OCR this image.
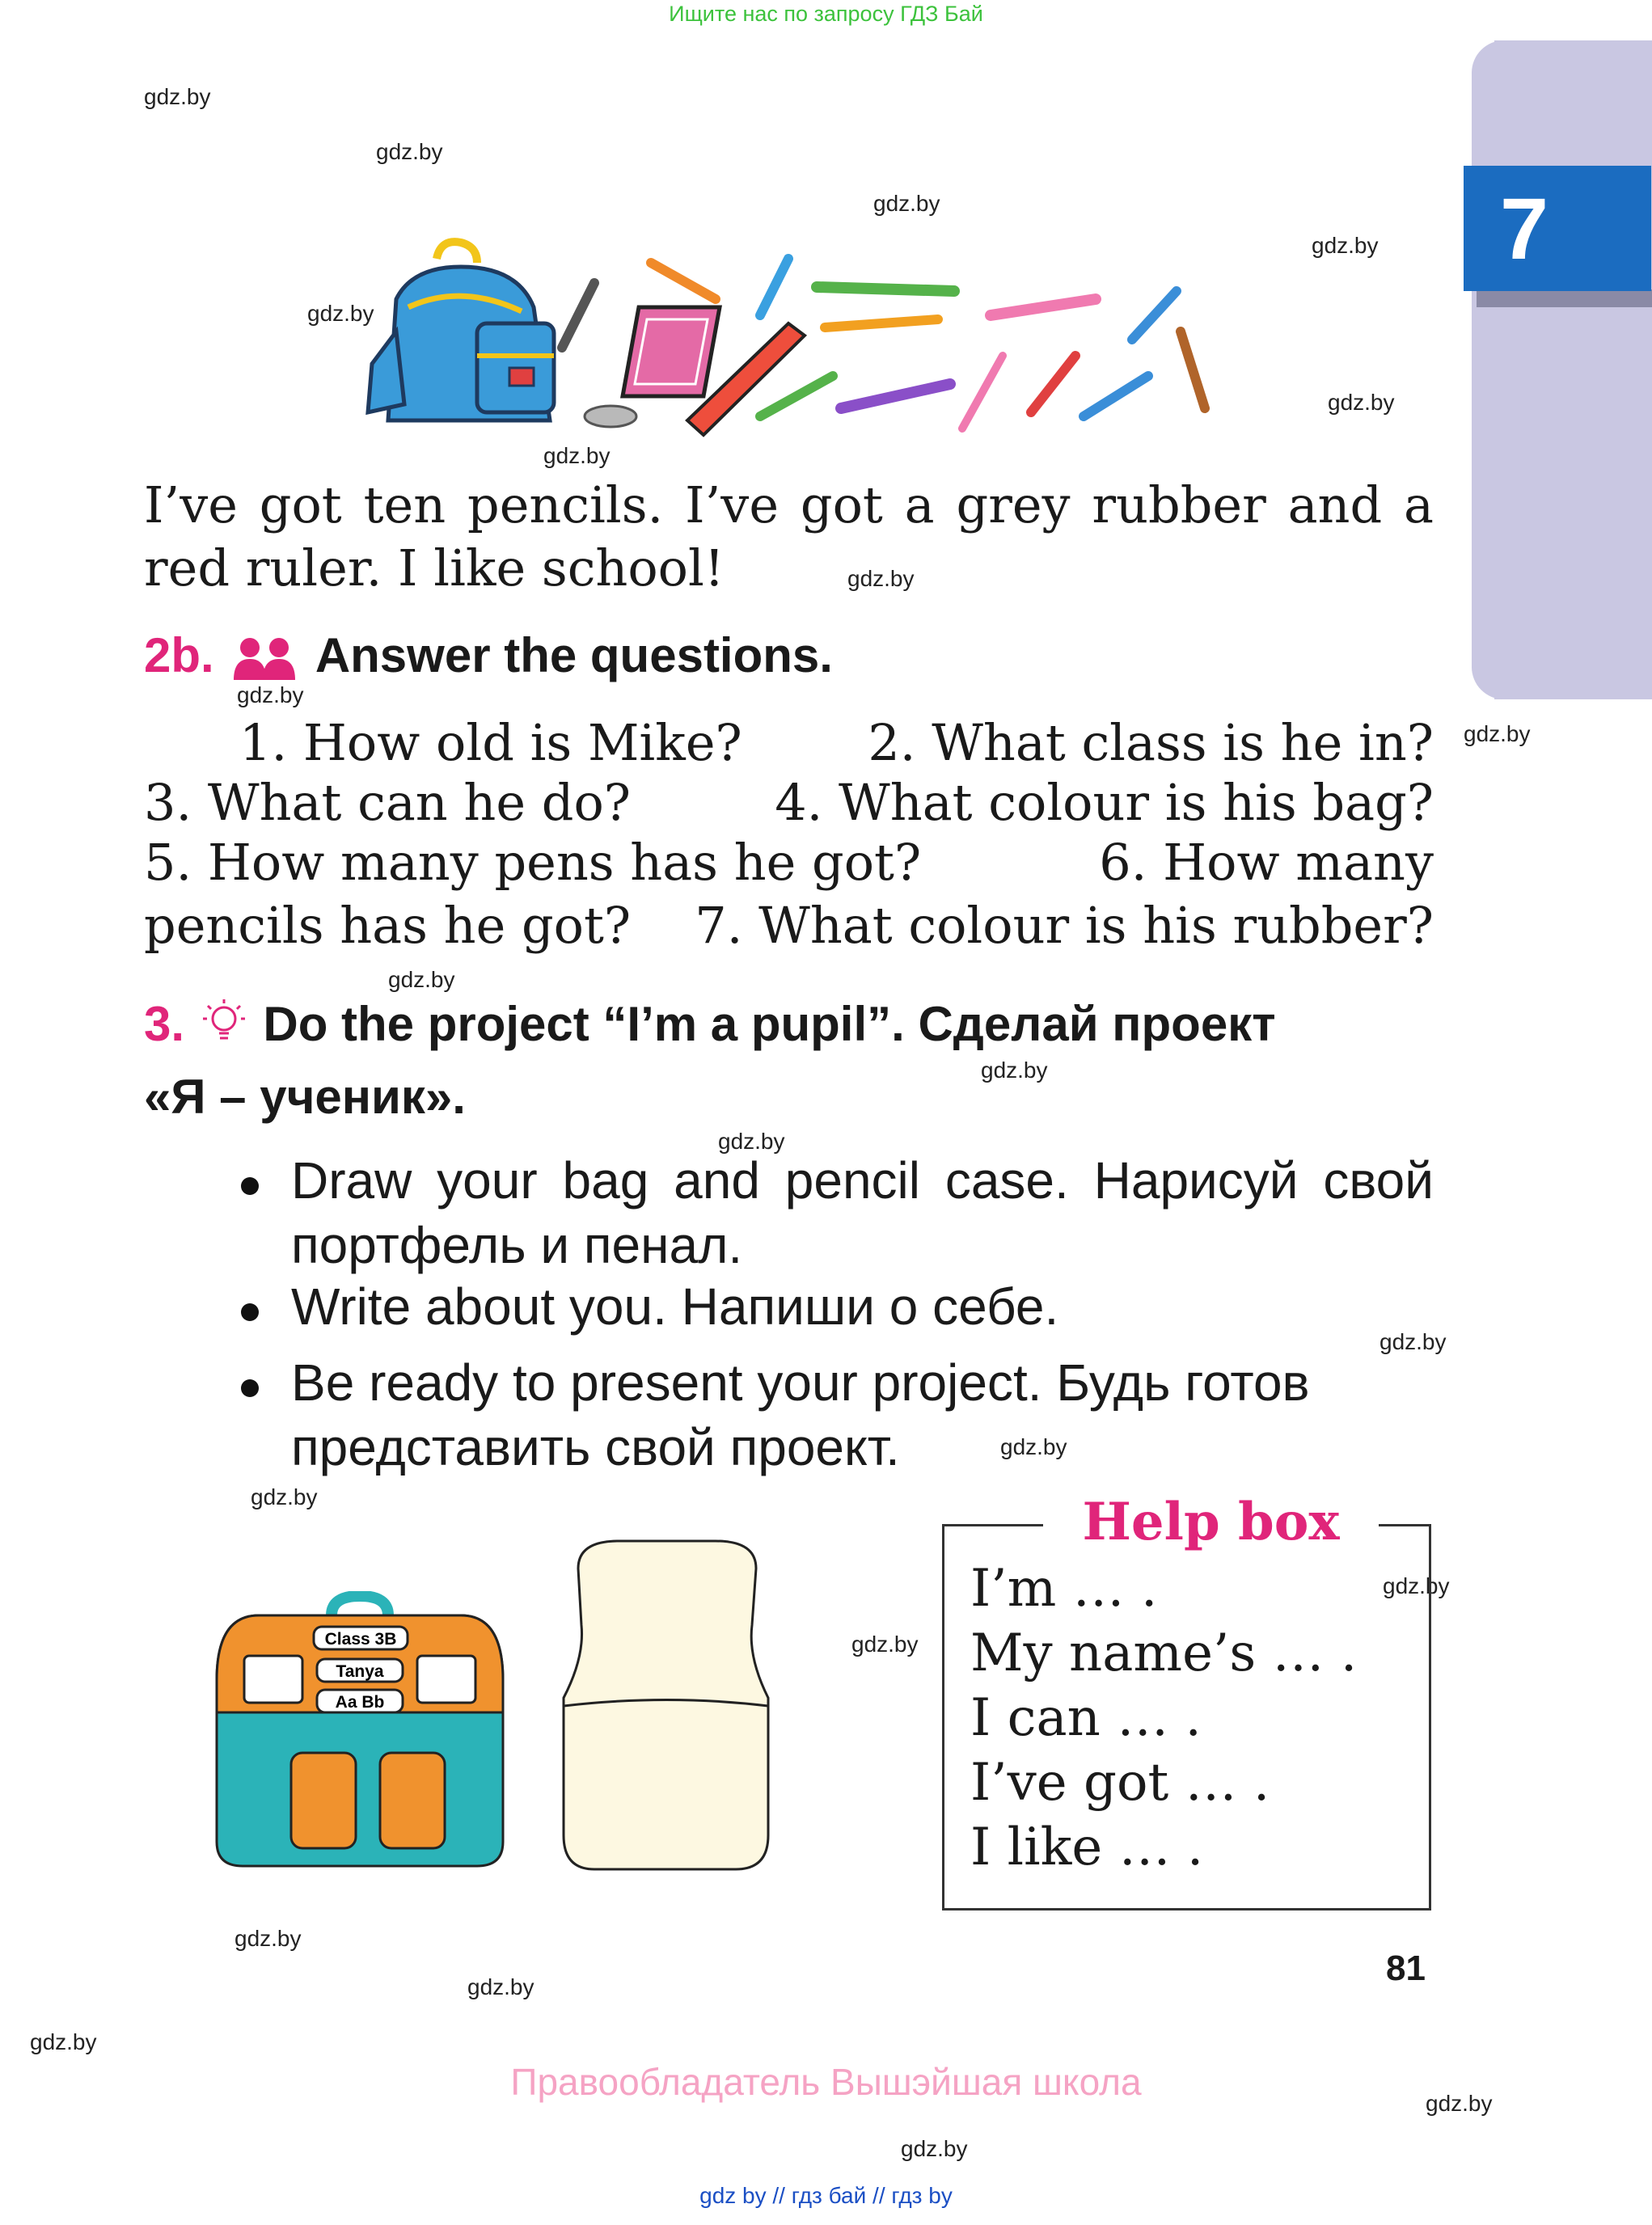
Ищите нас по запросу ГДЗ Бай
7
gdz.by
gdz.by
gdz.by
gdz.by
gdz.by
gdz.by
gdz.by
gdz.by
gdz.by
gdz.by
gdz.by
gdz.by
gdz.by
gdz.by
gdz.by
gdz.by
gdz.by
gdz.by
gdz.by
gdz.by
gdz.by
gdz.by
gdz.by
I’ve got ten pencils. I’ve got a grey rubber and a red ruler. I like school!
2b. Answer the questions.
1. How old is Mike?	2. What class is he in?
3. What can he do?	4. What colour is his bag?
5. How many pens has he got?	6. How many
pencils has he got? 7. What colour is his rubber?
3. Do the project “I’m a pupil”. Сделай проект
«Я – ученик».
Draw your bag and pencil case. Нарисуй свой портфель и пенал.
Write about you. Напиши о себе.
Be ready to present your project. Будь готов представить свой проект.
Class 3B
Tanya
Aa Bb
Help box
I’m … .
My name’s … .
I can … .
I’ve got … .
I like … .
81
Правообладатель Вышэйшая школа
gdz by // гдз бай // гдз by
